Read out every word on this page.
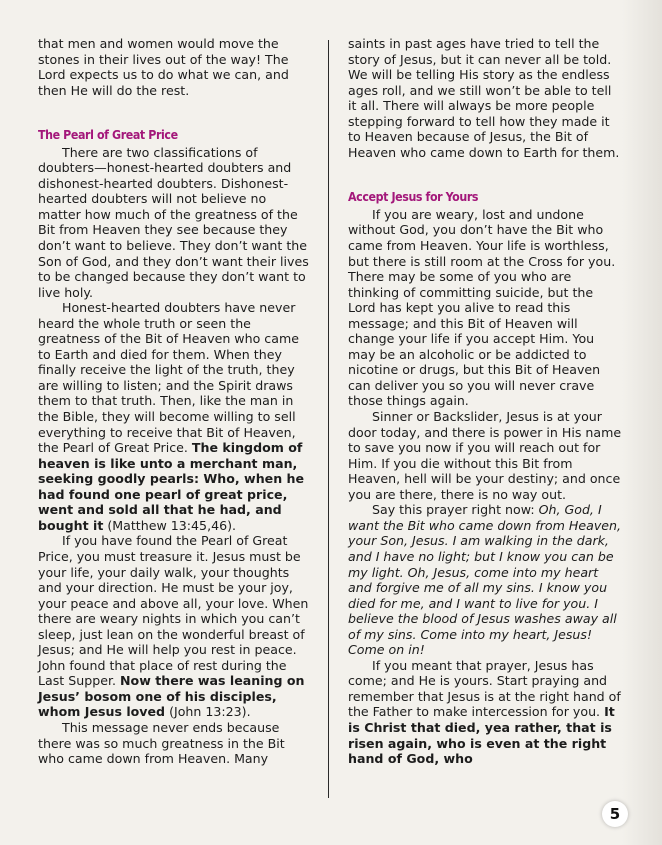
that men and women would move the stones in their lives out of the way! The Lord expects us to do what we can, and then He will do the rest.

The Pearl of Great Price

There are two classifications of doubters—honest-hearted doubters and dishonest-hearted doubters. Dishonest-hearted doubters will not believe no matter how much of the greatness of the Bit from Heaven they see because they don’t want to believe. They don’t want the Son of God, and they don’t want their lives to be changed because they don’t want to live holy.

Honest-hearted doubters have never heard the whole truth or seen the greatness of the Bit of Heaven who came to Earth and died for them. When they finally receive the light of the truth, they are willing to listen; and the Spirit draws them to that truth. Then, like the man in the Bible, they will become willing to sell everything to receive that Bit of Heaven, the Pearl of Great Price. The kingdom of heaven is like unto a merchant man, seeking goodly pearls: Who, when he had found one pearl of great price, went and sold all that he had, and bought it (Matthew 13:45,46).

If you have found the Pearl of Great Price, you must treasure it. Jesus must be your life, your daily walk, your thoughts and your direction. He must be your joy, your peace and above all, your love. When there are weary nights in which you can’t sleep, just lean on the wonderful breast of Jesus; and He will help you rest in peace. John found that place of rest during the Last Supper. Now there was leaning on Jesus’ bosom one of his disciples, whom Jesus loved (John 13:23).

This message never ends because there was so much greatness in the Bit who came down from Heaven. Many

saints in past ages have tried to tell the story of Jesus, but it can never all be told. We will be telling His story as the endless ages roll, and we still won’t be able to tell it all. There will always be more people stepping forward to tell how they made it to Heaven because of Jesus, the Bit of Heaven who came down to Earth for them.

Accept Jesus for Yours

If you are weary, lost and undone without God, you don’t have the Bit who came from Heaven. Your life is worthless, but there is still room at the Cross for you. There may be some of you who are thinking of committing suicide, but the Lord has kept you alive to read this message; and this Bit of Heaven will change your life if you accept Him. You may be an alcoholic or be addicted to nicotine or drugs, but this Bit of Heaven can deliver you so you will never crave those things again.

Sinner or Backslider, Jesus is at your door today, and there is power in His name to save you now if you will reach out for Him. If you die without this Bit from Heaven, hell will be your destiny; and once you are there, there is no way out.

Say this prayer right now: Oh, God, I want the Bit who came down from Heaven, your Son, Jesus. I am walking in the dark, and I have no light; but I know you can be my light. Oh, Jesus, come into my heart and forgive me of all my sins. I know you died for me, and I want to live for you. I believe the blood of Jesus washes away all of my sins. Come into my heart, Jesus! Come on in!

If you meant that prayer, Jesus has come; and He is yours. Start praying and remember that Jesus is at the right hand of the Father to make intercession for you. It is Christ that died, yea rather, that is risen again, who is even at the right hand of God, who

5
